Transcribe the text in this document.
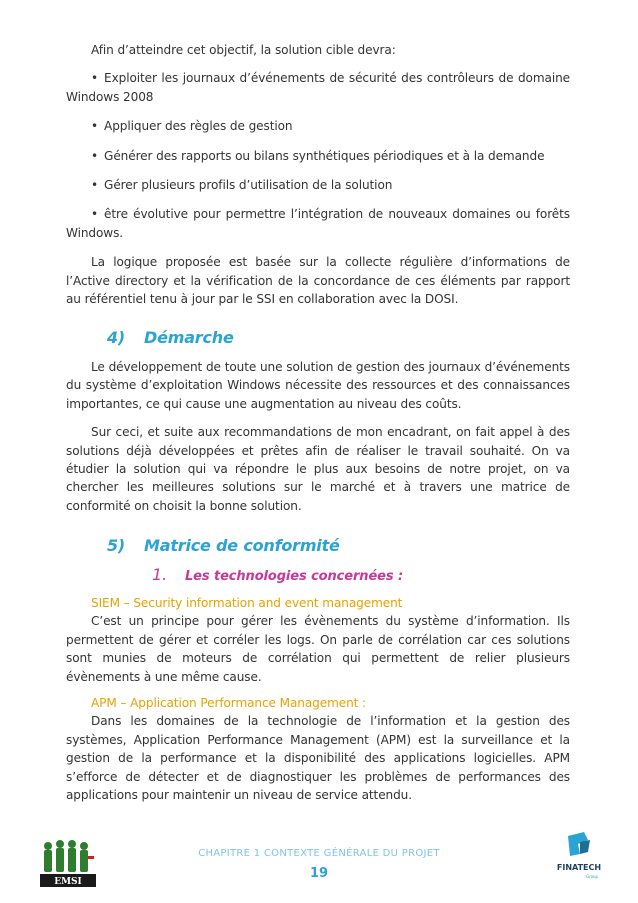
Afin d’atteindre cet objectif, la solution cible devra:

• Exploiter les journaux d’événements de sécurité des contrôleurs de domaine Windows 2008

• Appliquer des règles de gestion

• Générer des rapports ou bilans synthétiques périodiques et à la demande

• Gérer plusieurs profils d’utilisation de la solution

• être évolutive pour permettre l’intégration de nouveaux domaines ou forêts Windows.

La logique proposée est basée sur la collecte régulière d’informations de l’Active directory et la vérification de la concordance de ces éléments par rapport au référentiel tenu à jour par le SSI en collaboration avec la DOSI.

4) Démarche

Le développement de toute une solution de gestion des journaux d’événements du système d’exploitation Windows nécessite des ressources et des connaissances importantes, ce qui cause une augmentation au niveau des coûts.

Sur ceci, et suite aux recommandations de mon encadrant, on fait appel à des solutions déjà développées et prêtes afin de réaliser le travail souhaité. On va étudier la solution qui va répondre le plus aux besoins de notre projet, on va chercher les meilleures solutions sur le marché et à travers une matrice de conformité on choisit la bonne solution.

5) Matrice de conformité
1. Les technologies concernées :
SIEM – Security information and event management

C’est un principe pour gérer les évènements du système d’information. Ils permettent de gérer et corréler les logs. On parle de corrélation car ces solutions sont munies de moteurs de corrélation qui permettent de relier plusieurs évènements à une même cause.

APM – Application Performance Management :

Dans les domaines de la technologie de l’information et la gestion des systèmes, Application Performance Management (APM) est la surveillance et la gestion de la performance et la disponibilité des applications logicielles. APM s’efforce de détecter et de diagnostiquer les problèmes de performances des applications pour maintenir un niveau de service attendu.

EMSI
CHAPITRE 1 CONTEXTE GÉNÉRALE DU PROJET
19	FINATECH
Group
